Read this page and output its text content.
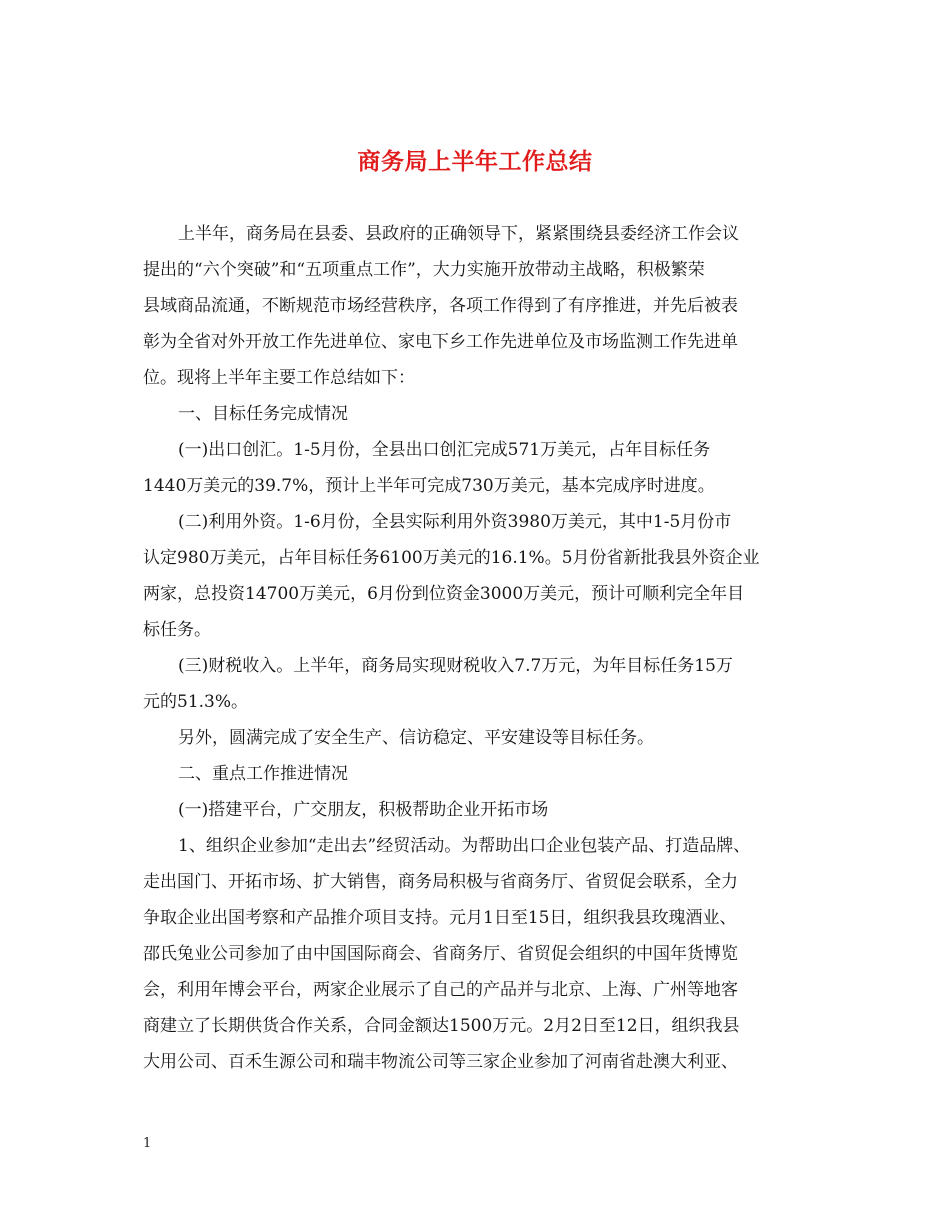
商务局上半年工作总结
上半年，商务局在县委、县政府的正确领导下，紧紧围绕县委经济工作会议
提出的“六个突破”和“五项重点工作”，大力实施开放带动主战略，积极繁荣
县域商品流通，不断规范市场经营秩序，各项工作得到了有序推进，并先后被表
彰为全省对外开放工作先进单位、家电下乡工作先进单位及市场监测工作先进单
位。现将上半年主要工作总结如下：
一、目标任务完成情况
(一)出口创汇。1-5月份，全县出口创汇完成571万美元，占年目标任务
1440万美元的39.7%，预计上半年可完成730万美元，基本完成序时进度。
(二)利用外资。1-6月份，全县实际利用外资3980万美元，其中1-5月份市
认定980万美元，占年目标任务6100万美元的16.1%。5月份省新批我县外资企业
两家，总投资14700万美元，6月份到位资金3000万美元，预计可顺利完全年目
标任务。
(三)财税收入。上半年，商务局实现财税收入7.7万元，为年目标任务15万
元的51.3%。
另外，圆满完成了安全生产、信访稳定、平安建设等目标任务。
二、重点工作推进情况
(一)搭建平台，广交朋友，积极帮助企业开拓市场
1、组织企业参加“走出去”经贸活动。为帮助出口企业包装产品、打造品牌、
走出国门、开拓市场、扩大销售，商务局积极与省商务厅、省贸促会联系，全力
争取企业出国考察和产品推介项目支持。元月1日至15日，组织我县玫瑰酒业、
邵氏兔业公司参加了由中国国际商会、省商务厅、省贸促会组织的中国年货博览
会，利用年博会平台，两家企业展示了自己的产品并与北京、上海、广州等地客
商建立了长期供货合作关系，合同金额达1500万元。2月2日至12日，组织我县
大用公司、百禾生源公司和瑞丰物流公司等三家企业参加了河南省赴澳大利亚、
1
